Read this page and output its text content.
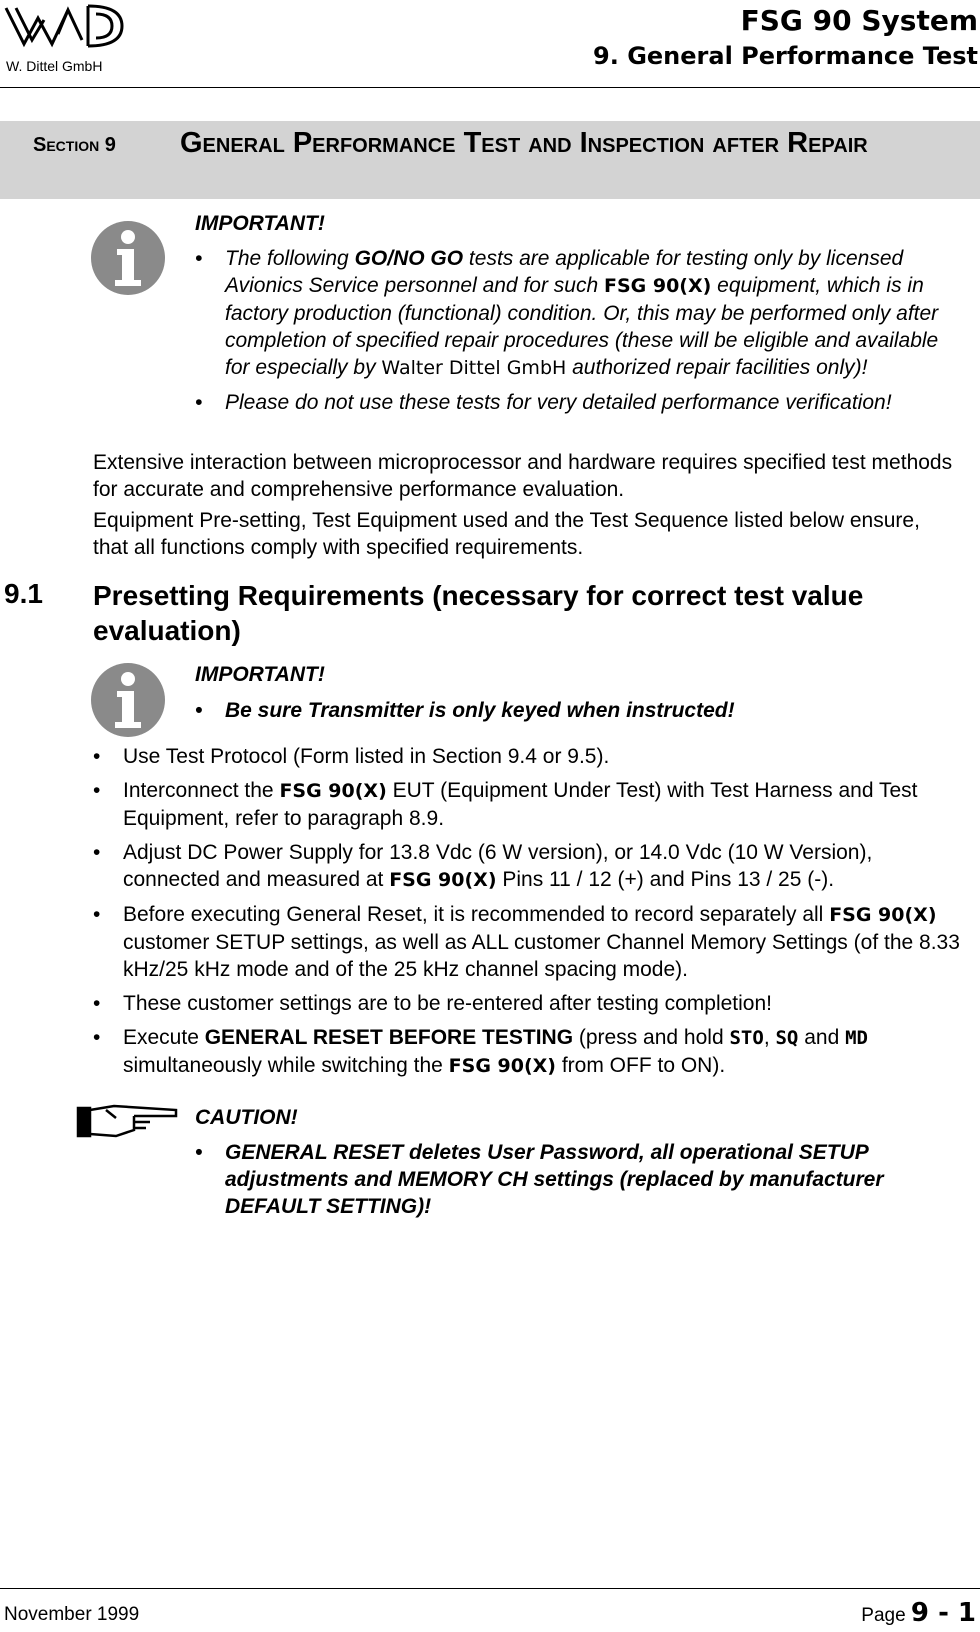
W. Dittel GmbH
FSG 90 System
9. General Performance Test
Section 9 General Performance Test and Inspection after Repair
IMPORTANT!
• The following GO/NO GO tests are applicable for testing only by licensed Avionics Service personnel and for such FSG 90(X) equipment, which is in factory production (functional) condition. Or, this may be performed only after completion of specified repair procedures (these will be eligible and available for especially by Walter Dittel GmbH authorized repair facilities only)!
• Please do not use these tests for very detailed performance verification!
Extensive interaction between microprocessor and hardware requires specified test methods for accurate and comprehensive performance evaluation.
Equipment Pre-setting, Test Equipment used and the Test Sequence listed below ensure, that all functions comply with specified requirements.
9.1 Presetting Requirements (necessary for correct test value evaluation)
IMPORTANT!
• Be sure Transmitter is only keyed when instructed!
• Use Test Protocol (Form listed in Section 9.4 or 9.5).
• Interconnect the FSG 90(X) EUT (Equipment Under Test) with Test Harness and Test Equipment, refer to paragraph 8.9.
• Adjust DC Power Supply for 13.8 Vdc (6 W version), or 14.0 Vdc (10 W Version), connected and measured at FSG 90(X) Pins 11 / 12 (+) and Pins 13 / 25 (-).
• Before executing General Reset, it is recommended to record separately all FSG 90(X) customer SETUP settings, as well as ALL customer Channel Memory Settings (of the 8.33 kHz/25 kHz mode and of the 25 kHz channel spacing mode).
• These customer settings are to be re-entered after testing completion!
• Execute GENERAL RESET BEFORE TESTING (press and hold STO, SQ and MD simultaneously while switching the FSG 90(X) from OFF to ON).
CAUTION!
• GENERAL RESET deletes User Password, all operational SETUP adjustments and MEMORY CH settings (replaced by manufacturer DEFAULT SETTING)!
November 1999	Page 9 - 1
